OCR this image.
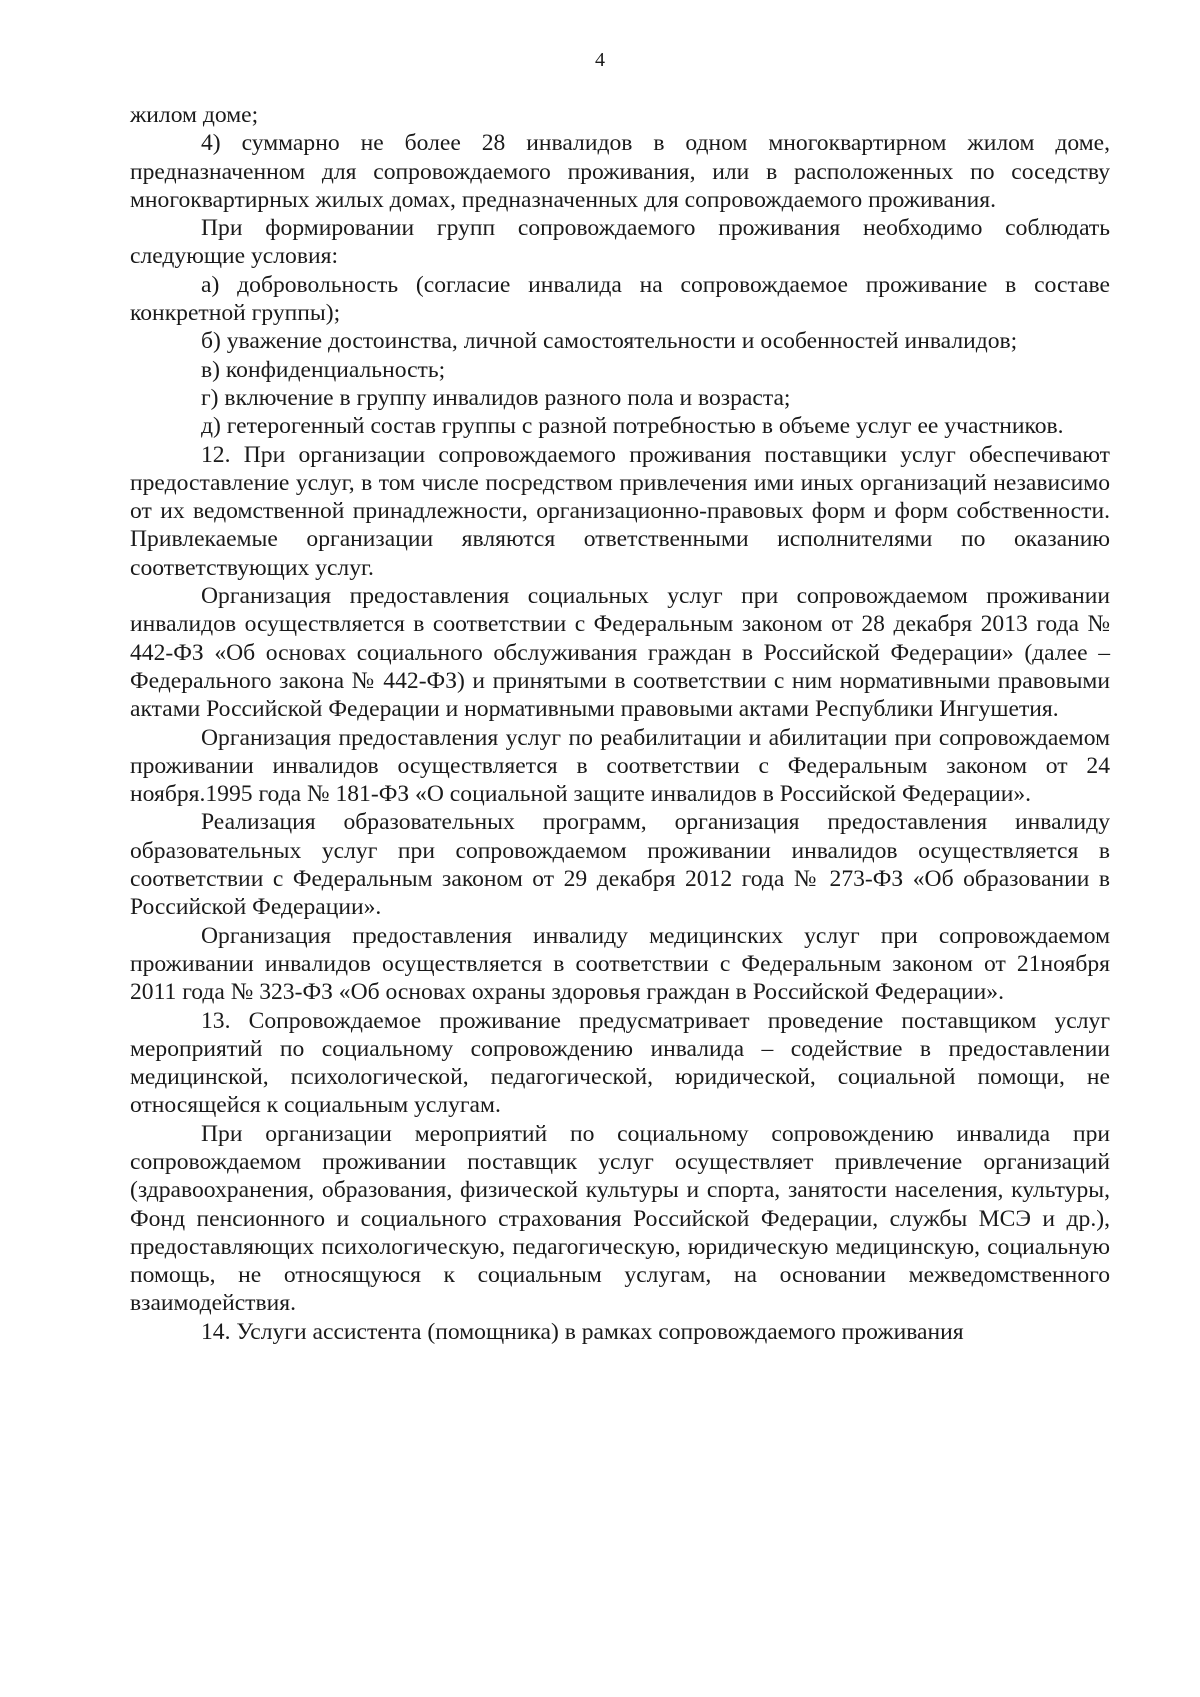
4

жилом доме;

4) суммарно не более 28 инвалидов в одном многоквартирном жилом доме, предназначенном для сопровождаемого проживания, или в расположенных по соседству многоквартирных жилых домах, предназначенных для сопровождаемого проживания.

При формировании групп сопровождаемого проживания необходимо соблюдать следующие условия:

а) добровольность (согласие инвалида на сопровождаемое проживание в составе конкретной группы);

б) уважение достоинства, личной самостоятельности и особенностей инвалидов;

в) конфиденциальность;

г) включение в группу инвалидов разного пола и возраста;

д) гетерогенный состав группы с разной потребностью в объеме услуг ее участников.

12. При организации сопровождаемого проживания поставщики услуг обеспечивают предоставление услуг, в том числе посредством привлечения ими иных организаций независимо от их ведомственной принадлежности, организационно-правовых форм и форм собственности. Привлекаемые организации являются ответственными исполнителями по оказанию соответствующих услуг.

Организация предоставления социальных услуг при сопровождаемом проживании инвалидов осуществляется в соответствии с Федеральным законом от 28 декабря 2013 года № 442-ФЗ «Об основах социального обслуживания граждан в Российской Федерации» (далее – Федерального закона № 442-ФЗ) и принятыми в соответствии с ним нормативными правовыми актами Российской Федерации и нормативными правовыми актами Республики Ингушетия.

Организация предоставления услуг по реабилитации и абилитации при сопровождаемом проживании инвалидов осуществляется в соответствии с Федеральным законом от 24 ноября.1995 года № 181-ФЗ «О социальной защите инвалидов в Российской Федерации».

Реализация образовательных программ, организация предоставления инвалиду образовательных услуг при сопровождаемом проживании инвалидов осуществляется в соответствии с Федеральным законом от 29 декабря 2012 года № 273-ФЗ «Об образовании в Российской Федерации».

Организация предоставления инвалиду медицинских услуг при сопровождаемом проживании инвалидов осуществляется в соответствии с Федеральным законом от 21ноября 2011 года № 323-ФЗ «Об основах охраны здоровья граждан в Российской Федерации».

13. Сопровождаемое проживание предусматривает проведение поставщиком услуг мероприятий по социальному сопровождению инвалида – содействие в предоставлении медицинской, психологической, педагогической, юридической, социальной помощи, не относящейся к социальным услугам.

При организации мероприятий по социальному сопровождению инвалида при сопровождаемом проживании поставщик услуг осуществляет привлечение организаций (здравоохранения, образования, физической культуры и спорта, занятости населения, культуры, Фонд пенсионного и социального страхования Российской Федерации, службы МСЭ и др.), предоставляющих психологическую, педагогическую, юридическую медицинскую, социальную помощь, не относящуюся к социальным услугам, на основании межведомственного взаимодействия.

14. Услуги ассистента (помощника) в рамках сопровождаемого проживания
